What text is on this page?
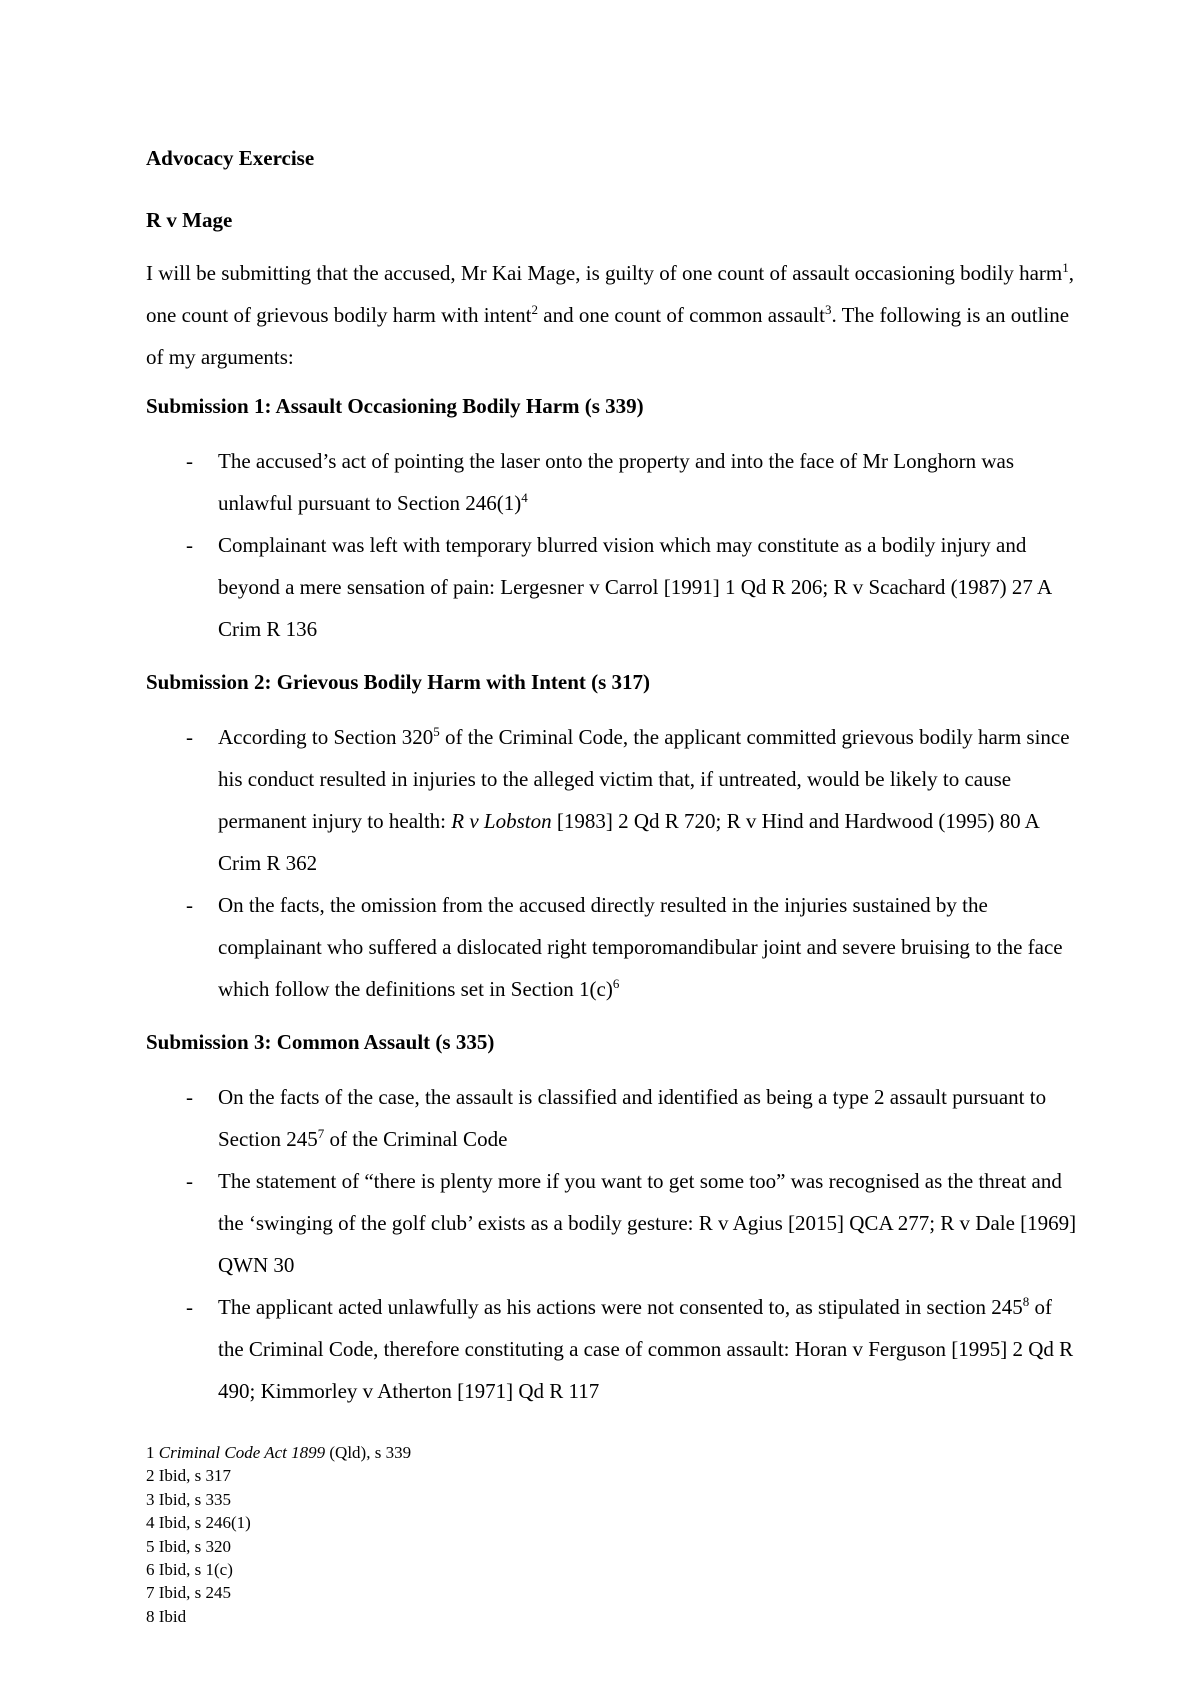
Advocacy Exercise
R v Mage

I will be submitting that the accused, Mr Kai Mage, is guilty of one count of assault occasioning bodily harm$^1$, one count of grievous bodily harm with intent$^2$ and one count of common assault$^3$. The following is an outline of my arguments:

Submission 1: Assault Occasioning Bodily Harm (s 339)
- The accused’s act of pointing the laser onto the property and into the face of Mr Longhorn was unlawful pursuant to Section $246(1)^4$
- Complainant was left with temporary blurred vision which may constitute as a bodily injury and beyond a mere sensation of pain: Lergesner v Carrol [1991] 1 Qd R 206; R v Scachard (1987) 27 A Crim R 136
Submission 2: Grievous Bodily Harm with Intent (s 317)
- According to Section $320^5$ of the Criminal Code, the applicant committed grievous bodily harm since his conduct resulted in injuries to the alleged victim that, if untreated, would be likely to cause permanent injury to health: R v Lobston [1983] 2 Qd R 720; R v Hind and Hardwood (1995) 80 A Crim R 362
- On the facts, the omission from the accused directly resulted in the injuries sustained by the complainant who suffered a dislocated right temporomandibular joint and severe bruising to the face which follow the definitions set in Section $1(c)^6$
Submission 3: Common Assault (s 335)
- On the facts of the case, the assault is classified and identified as being a type 2 assault pursuant to Section $245^7$ of the Criminal Code
- The statement of “there is plenty more if you want to get some too” was recognised as the threat and the ‘swinging of the golf club’ exists as a bodily gesture: R v Agius [2015] QCA 277; R v Dale [1969] QWN 30
- The applicant acted unlawfully as his actions were not consented to, as stipulated in section $245^8$ of the Criminal Code, therefore constituting a case of common assault: Horan v Ferguson [1995] 2 Qd R 490; Kimmorley v Atherton [1971] Qd R 117
1 Criminal Code Act 1899 (Qld), s 339
2 Ibid, s 317
3 Ibid, s 335
4 Ibid, s 246(1)
5 Ibid, s 320
6 Ibid, s 1(c)
7 Ibid, s 245
8 Ibid
